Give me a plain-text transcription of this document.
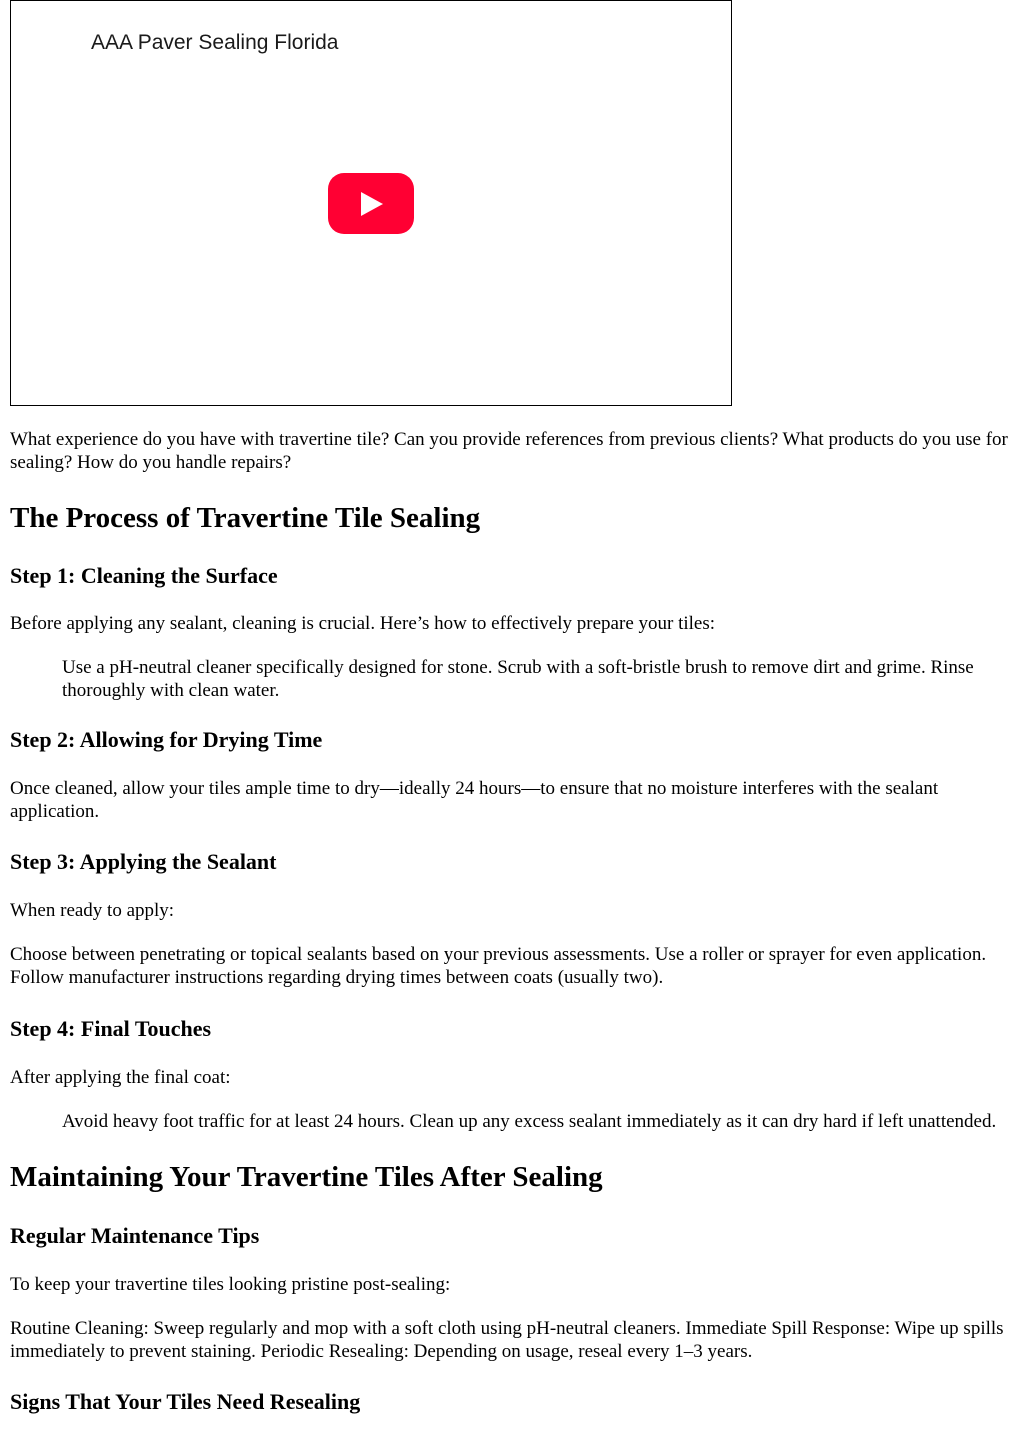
AAA Paver Sealing Florida

What experience do you have with travertine tile? Can you provide references from previous clients? What products do you use for sealing? How do you handle repairs?

The Process of Travertine Tile Sealing
Step 1: Cleaning the Surface

Before applying any sealant, cleaning is crucial. Here’s how to effectively prepare your tiles:

Use a pH-neutral cleaner specifically designed for stone. Scrub with a soft-bristle brush to remove dirt and grime. Rinse thoroughly with clean water.
Step 2: Allowing for Drying Time

Once cleaned, allow your tiles ample time to dry—ideally 24 hours—to ensure that no moisture interferes with the sealant application.

Step 3: Applying the Sealant

When ready to apply:

Choose between penetrating or topical sealants based on your previous assessments. Use a roller or sprayer for even application. Follow manufacturer instructions regarding drying times between coats (usually two).

Step 4: Final Touches

After applying the final coat:

Avoid heavy foot traffic for at least 24 hours. Clean up any excess sealant immediately as it can dry hard if left unattended.
Maintaining Your Travertine Tiles After Sealing
Regular Maintenance Tips

To keep your travertine tiles looking pristine post-sealing:

Routine Cleaning: Sweep regularly and mop with a soft cloth using pH-neutral cleaners. Immediate Spill Response: Wipe up spills immediately to prevent staining. Periodic Resealing: Depending on usage, reseal every 1–3 years.

Signs That Your Tiles Need Resealing
